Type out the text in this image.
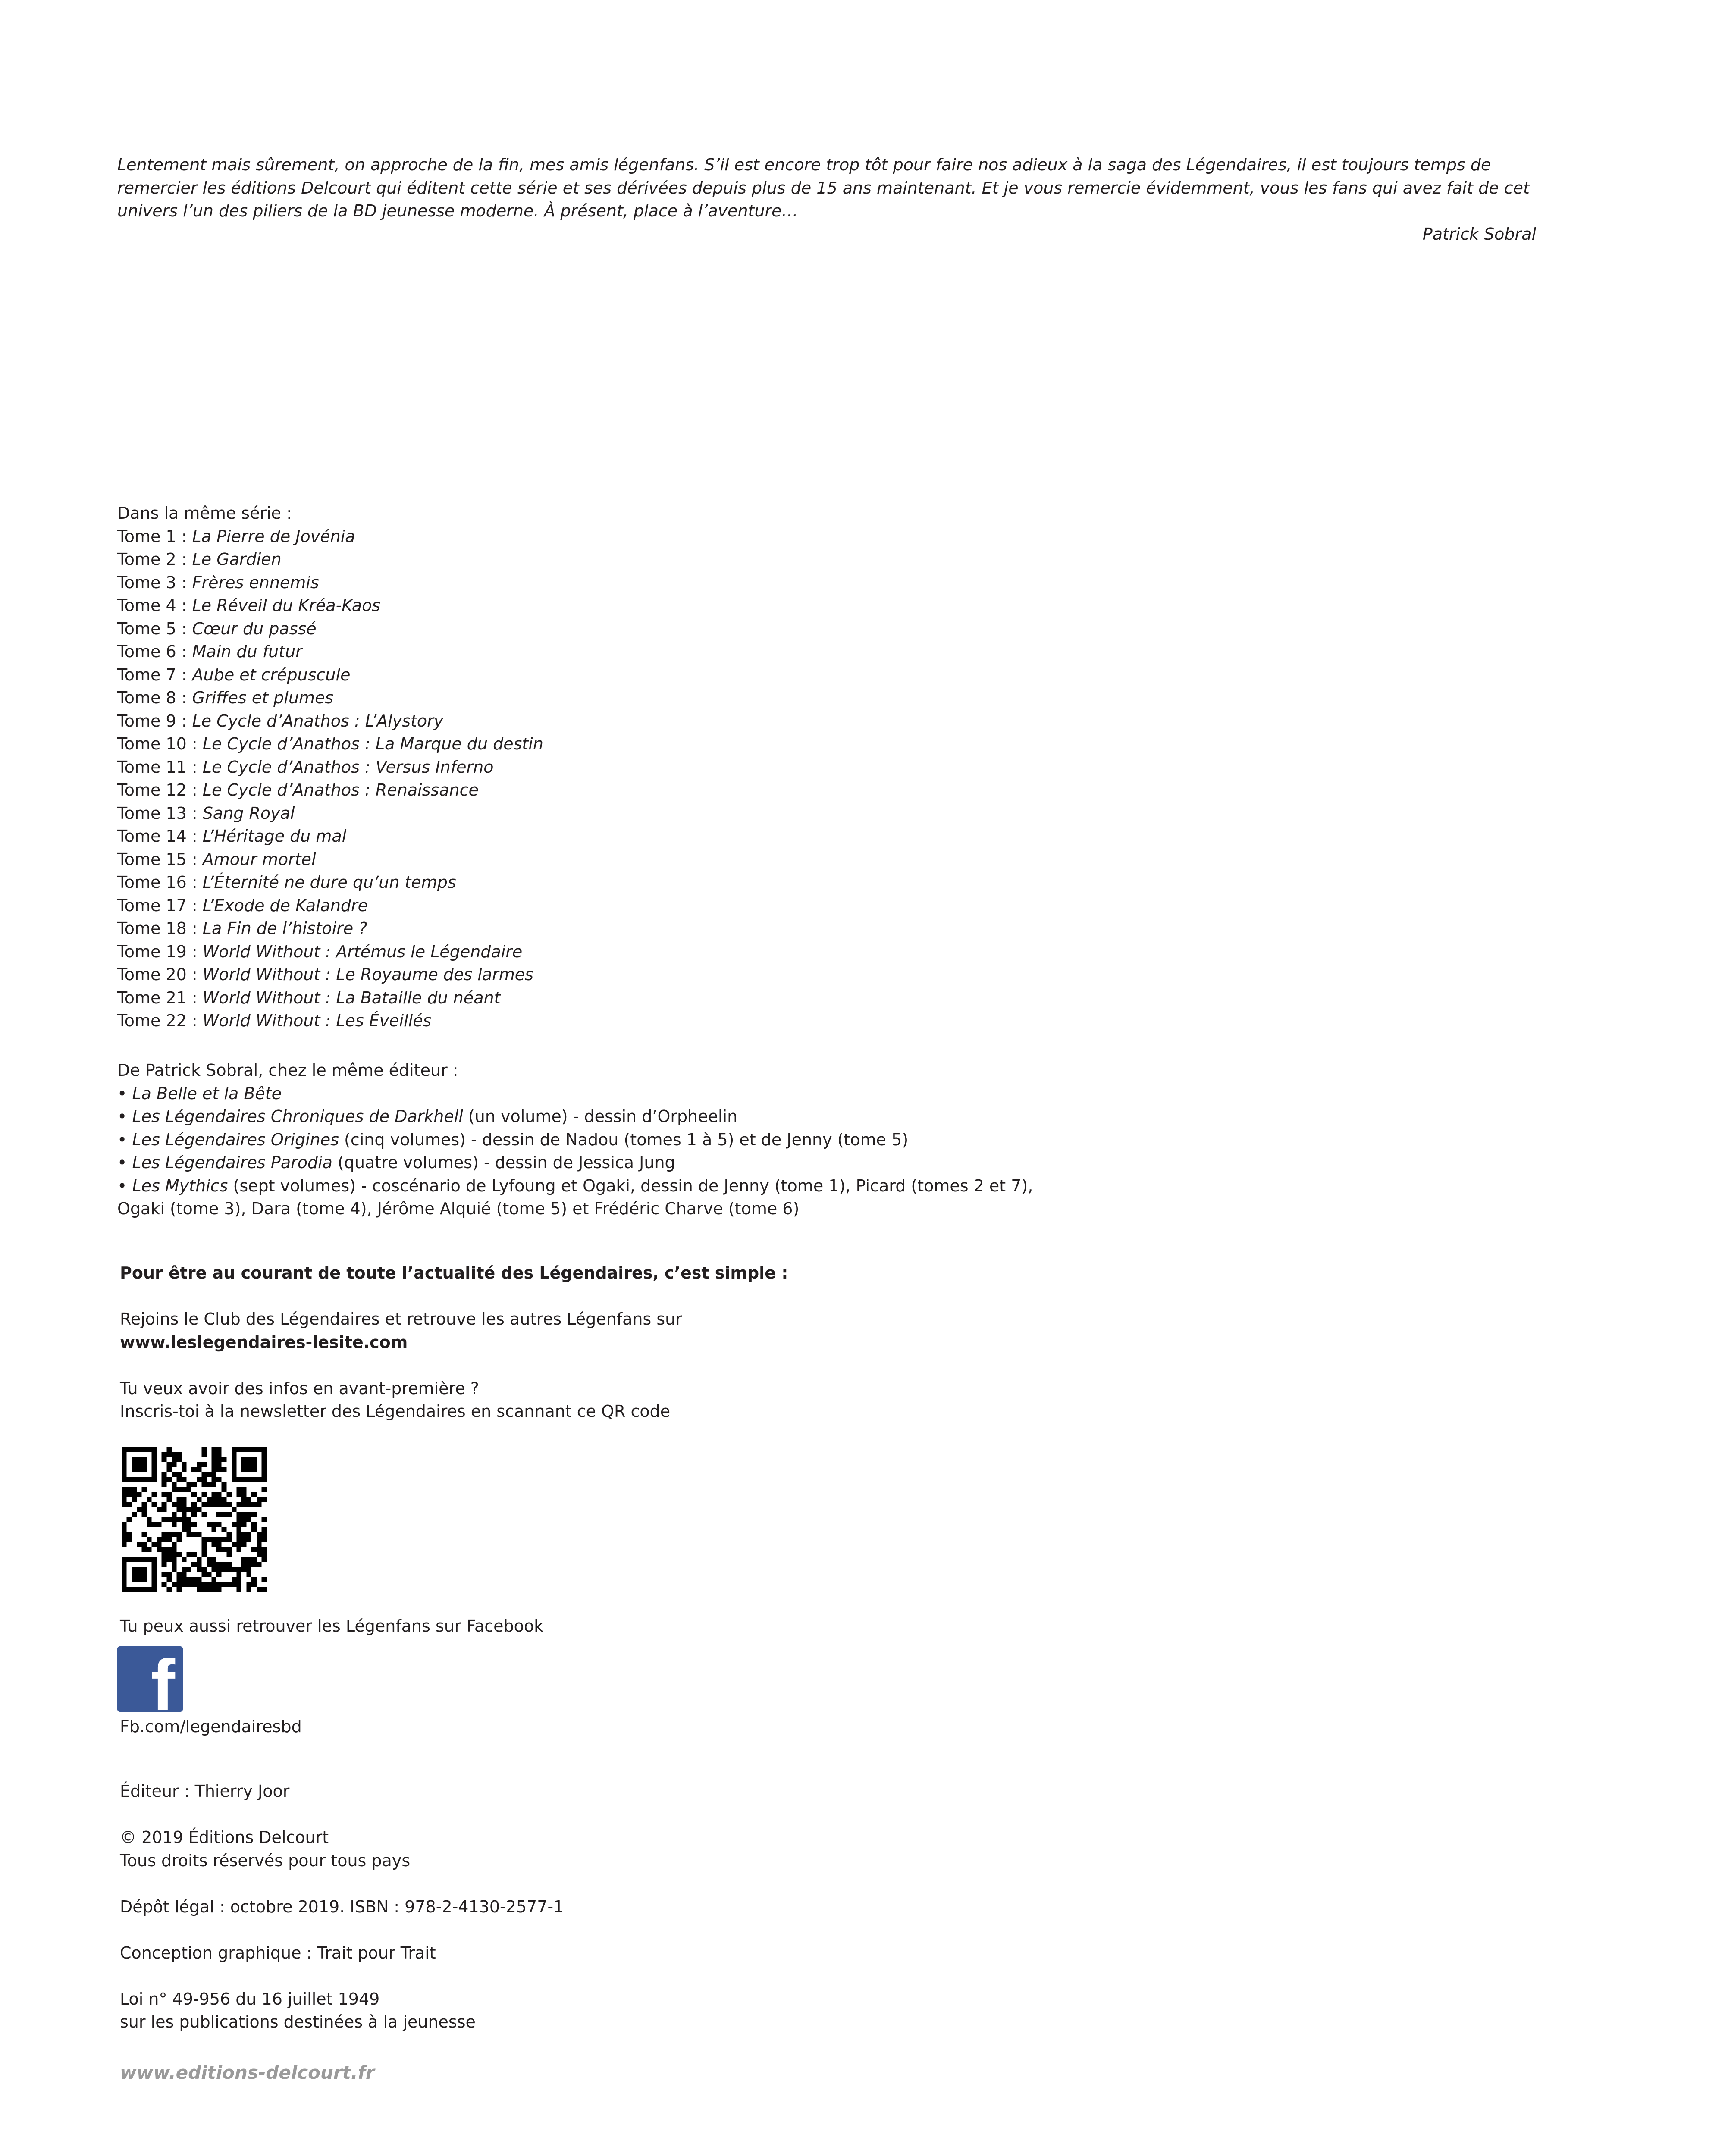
Lentement mais sûrement, on approche de la fin, mes amis légenfans. S’il est encore trop tôt pour faire nos adieux à la saga des Légendaires, il est toujours temps de remercier les éditions Delcourt qui éditent cette série et ses dérivées depuis plus de 15 ans maintenant. Et je vous remercie évidemment, vous les fans qui avez fait de cet univers l’un des piliers de la BD jeunesse moderne. À présent, place à l’aventure…

Patrick Sobral

Dans la même série :
Tome 1 : La Pierre de Jovénia
Tome 2 : Le Gardien
Tome 3 : Frères ennemis
Tome 4 : Le Réveil du Kréa-Kaos
Tome 5 : Cœur du passé
Tome 6 : Main du futur
Tome 7 : Aube et crépuscule
Tome 8 : Griffes et plumes
Tome 9 : Le Cycle d’Anathos : L’Alystory
Tome 10 : Le Cycle d’Anathos : La Marque du destin
Tome 11 : Le Cycle d’Anathos : Versus Inferno
Tome 12 : Le Cycle d’Anathos : Renaissance
Tome 13 : Sang Royal
Tome 14 : L’Héritage du mal
Tome 15 : Amour mortel
Tome 16 : L’Éternité ne dure qu’un temps
Tome 17 : L’Exode de Kalandre
Tome 18 : La Fin de l’histoire ?
Tome 19 : World Without : Artémus le Légendaire
Tome 20 : World Without : Le Royaume des larmes
Tome 21 : World Without : La Bataille du néant
Tome 22 : World Without : Les Éveillés
De Patrick Sobral, chez le même éditeur :
• La Belle et la Bête
• Les Légendaires Chroniques de Darkhell (un volume) - dessin d’Orpheelin
• Les Légendaires Origines (cinq volumes) - dessin de Nadou (tomes 1 à 5) et de Jenny (tome 5)
• Les Légendaires Parodia (quatre volumes) - dessin de Jessica Jung
• Les Mythics (sept volumes) - coscénario de Lyfoung et Ogaki, dessin de Jenny (tome 1), Picard (tomes 2 et 7),
Ogaki (tome 3), Dara (tome 4), Jérôme Alquié (tome 5) et Frédéric Charve (tome 6)
Pour être au courant de toute l’actualité des Légendaires, c’est simple :
Rejoins le Club des Légendaires et retrouve les autres Légenfans sur
www.leslegendaires-lesite.com
Tu veux avoir des infos en avant-première ?
Inscris-toi à la newsletter des Légendaires en scannant ce QR code
Tu peux aussi retrouver les Légenfans sur Facebook
f
Fb.com/legendairesbd
Éditeur : Thierry Joor
© 2019 Éditions Delcourt
Tous droits réservés pour tous pays
Dépôt légal : octobre 2019. ISBN : 978-2-4130-2577-1
Conception graphique : Trait pour Trait
Loi n° 49-956 du 16 juillet 1949
sur les publications destinées à la jeunesse
www.editions-delcourt.fr
